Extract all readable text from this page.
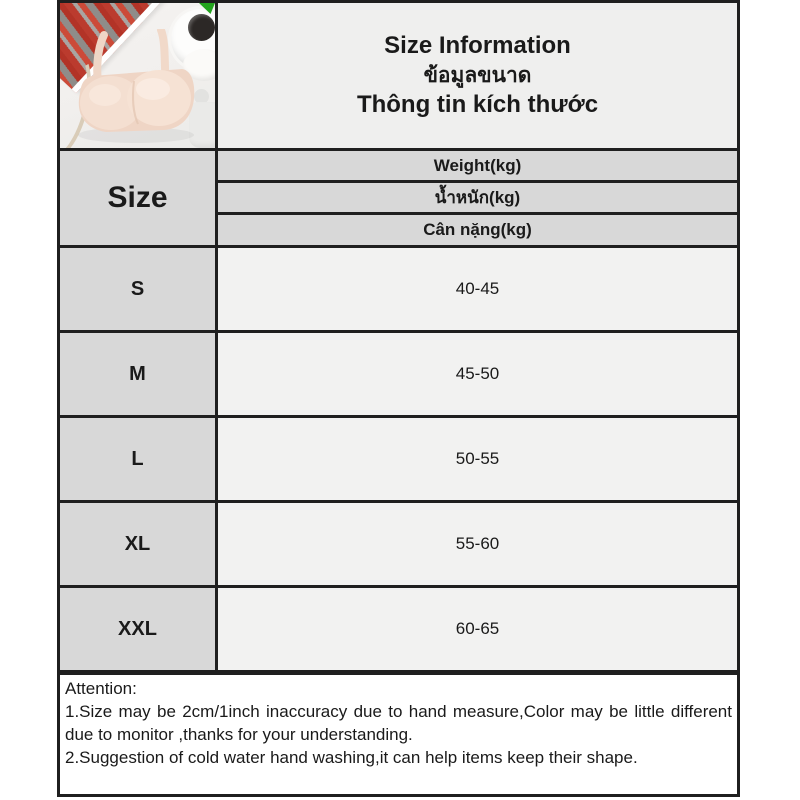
Size Information
ข้อมูลขนาด
Thông tin kích thước

Size	Weight(kg)
	น้ำหนัก(kg)
	Cân nặng(kg)
S	40-45
M	45-50
L	50-55
XL	55-60
XXL	60-65
Attention:
1.Size may be 2cm/1inch inaccuracy due to hand measure,Color may be little different due to monitor ,thanks for your understanding.
2.Suggestion of cold water hand washing,it can help items keep their shape.
